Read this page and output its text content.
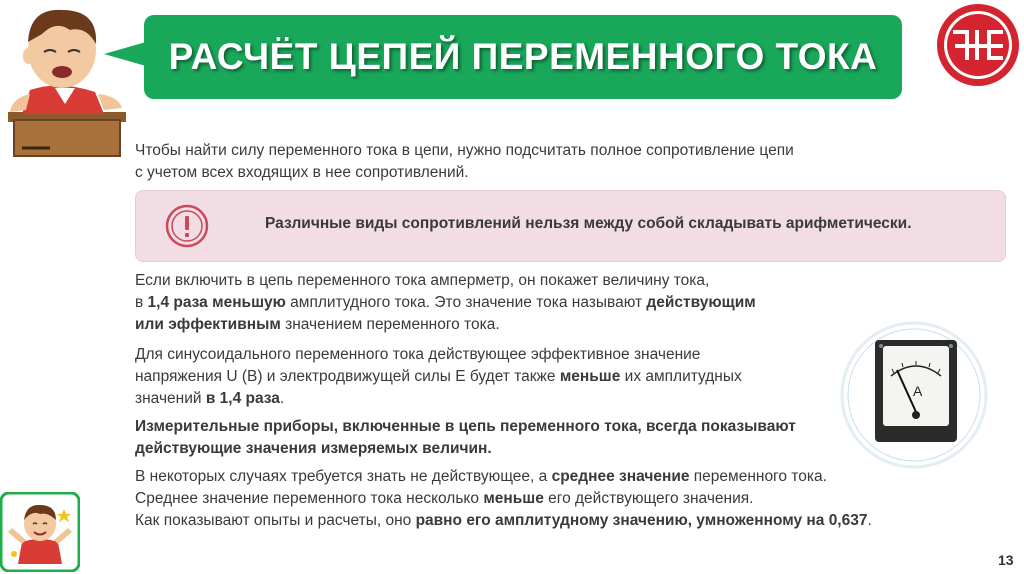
РАСЧЁТ ЦЕПЕЙ ПЕРЕМЕННОГО ТОКА

Чтобы найти силу переменного тока в цепи, нужно подсчитать полное сопротивление цепи

с учетом всех входящих в нее сопротивлений.

Различные виды сопротивлений нельзя между собой складывать арифметически.

Если включить в цепь переменного тока амперметр, он покажет величину тока,

в 1,4 раза меньшую амплитудного тока. Это значение тока называют действующим

или эффективным значением переменного тока.

Для синусоидального переменного тока действующее эффективное значение

напряжения U (В) и электродвижущей силы Е будет также меньше их амплитудных

значений в 1,4 раза.

Измерительные приборы, включенные в цепь переменного тока, всегда показывают

действующие значения измеряемых величин.

В некоторых случаях требуется знать не действующее, а среднее значение переменного тока.

Среднее значение переменного тока несколько меньше его действующего значения.

Как показывают опыты и расчеты, оно равно его амплитудному значению, умноженному на 0,637.

A
13
